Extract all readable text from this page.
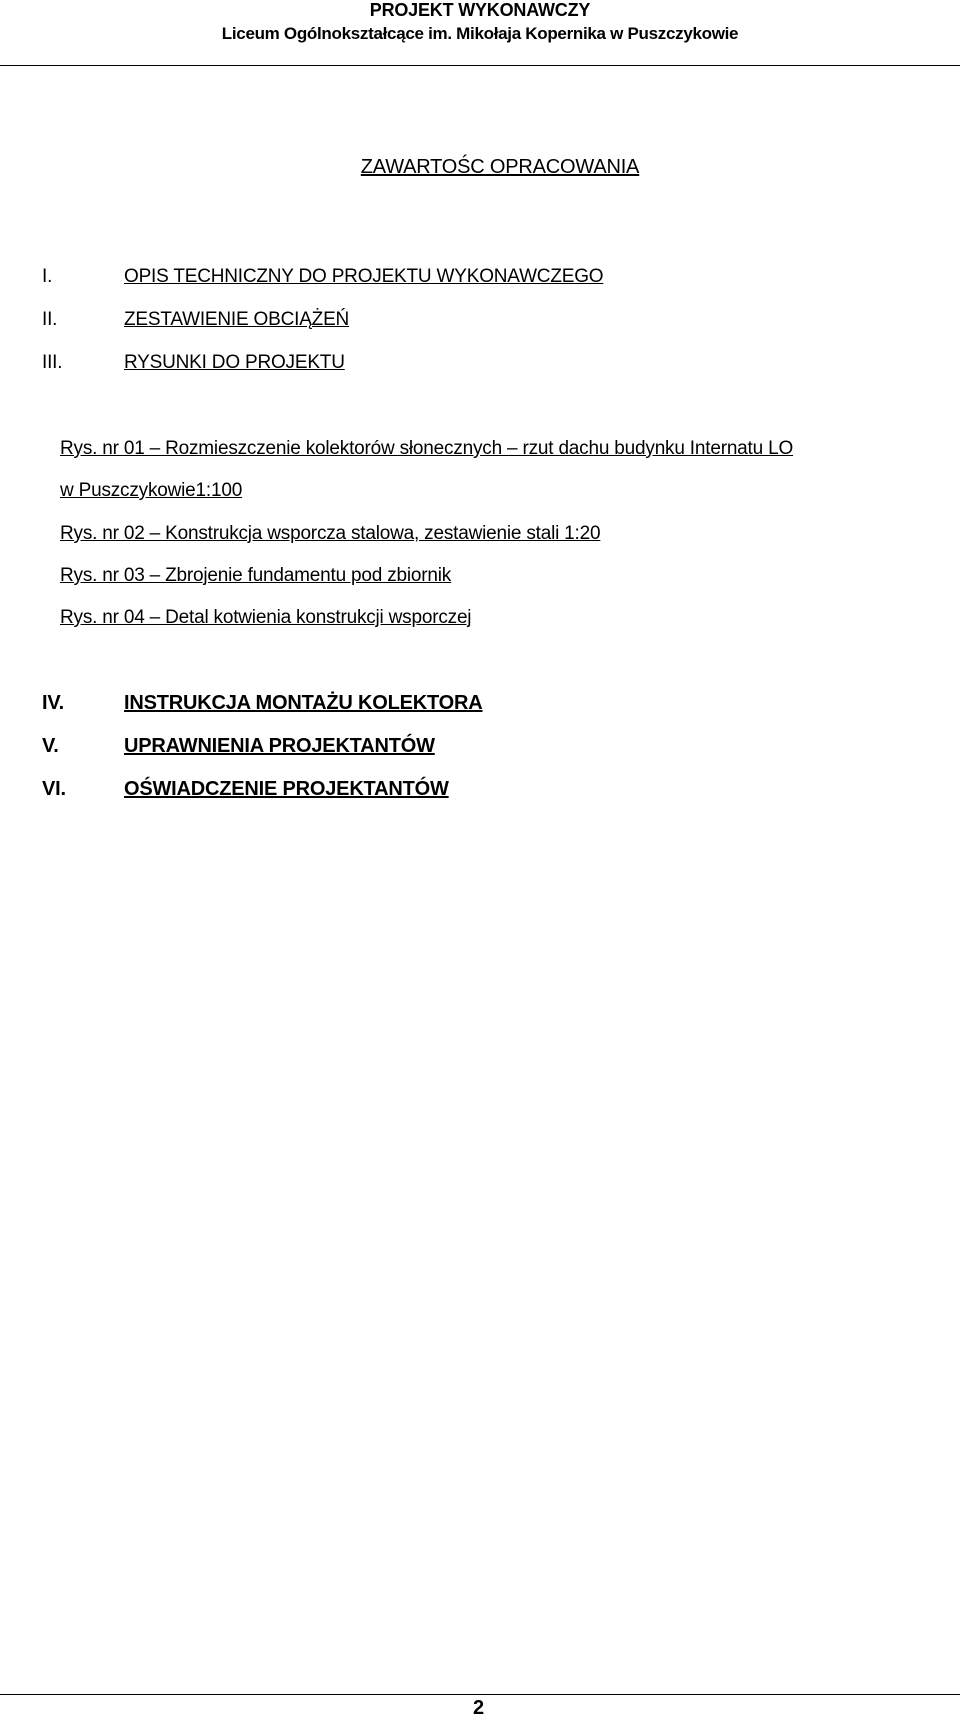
PROJEKT WYKONAWCZY
Liceum Ogólnokształcące im. Mikołaja Kopernika w Puszczykowie
ZAWARTOŚC OPRACOWANIA
I.	OPIS TECHNICZNY DO PROJEKTU WYKONAWCZEGO
II.	ZESTAWIENIE OBCIĄŻEŃ
III.	RYSUNKI DO PROJEKTU
Rys. nr 01 – Rozmieszczenie kolektorów słonecznych – rzut dachu budynku Internatu LO
w Puszczykowie1:100
Rys. nr 02 – Konstrukcja wsporcza stalowa, zestawienie stali 1:20
Rys. nr 03 – Zbrojenie fundamentu pod zbiornik
Rys. nr 04 – Detal kotwienia konstrukcji wsporczej
IV.	INSTRUKCJA MONTAŻU KOLEKTORA
V.	UPRAWNIENIA PROJEKTANTÓW
VI.	OŚWIADCZENIE PROJEKTANTÓW
2
